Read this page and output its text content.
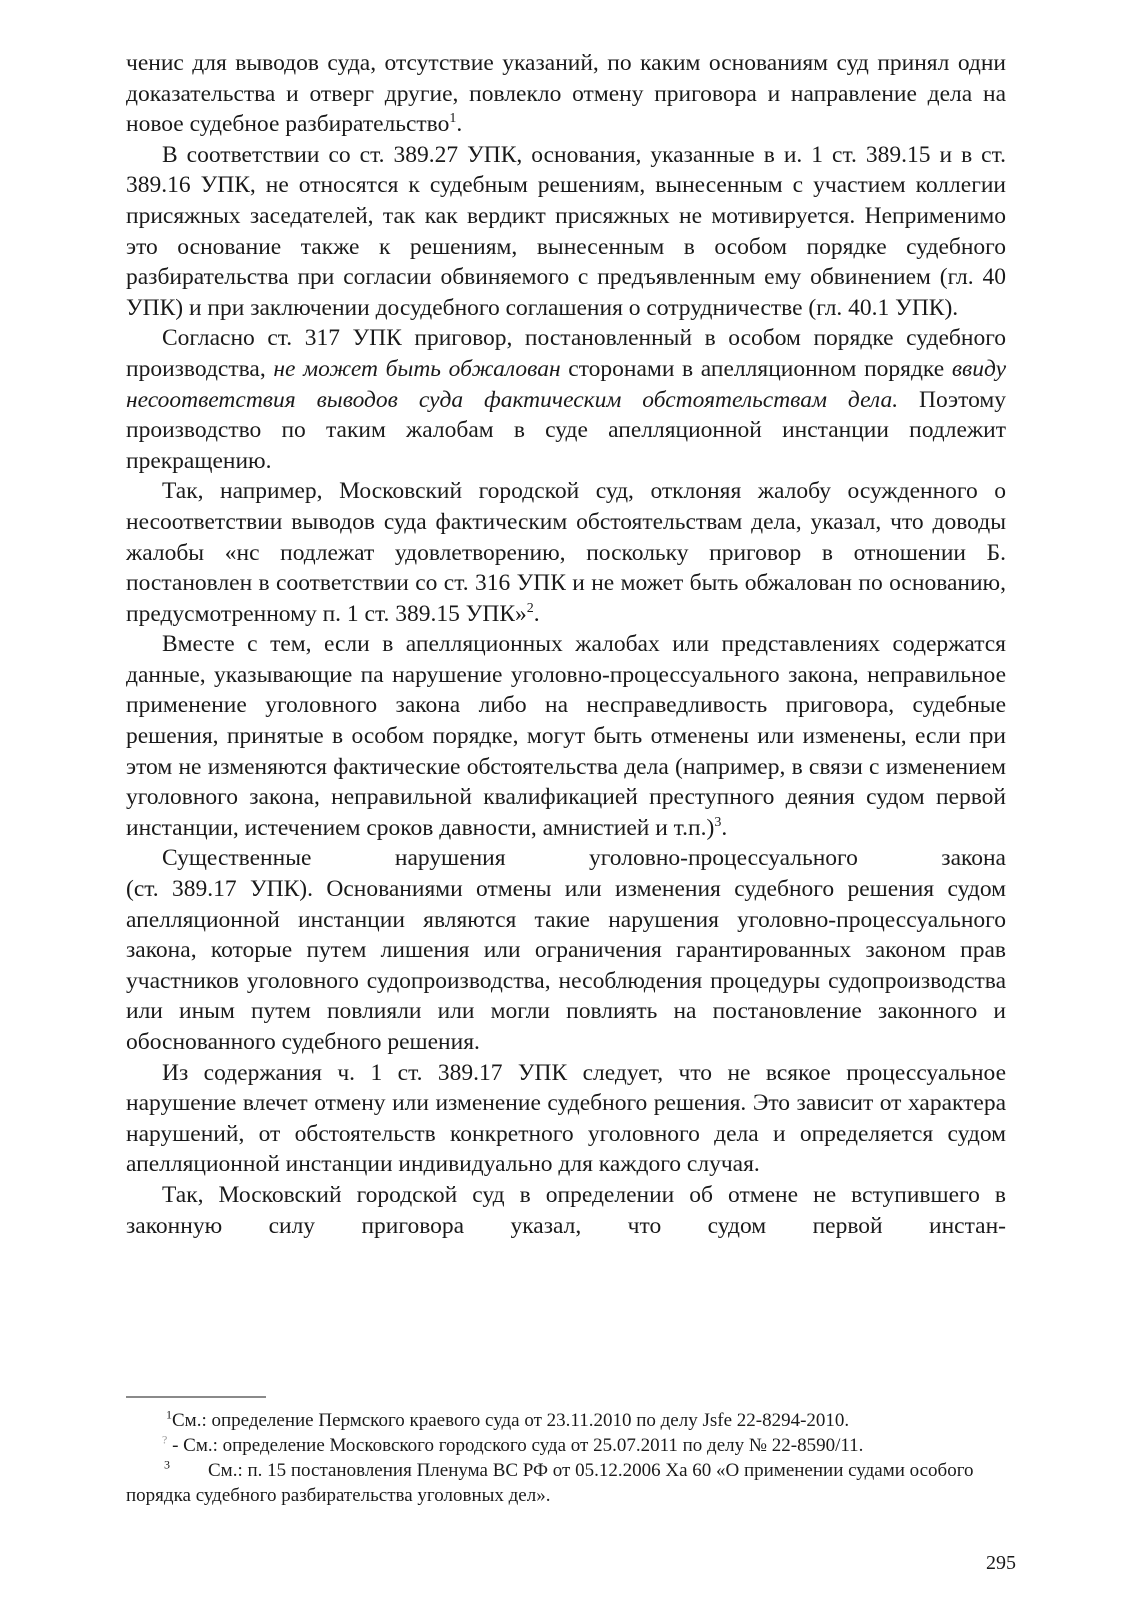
ченис для выводов суда, отсутствие указаний, по каким основаниям суд принял одни доказательства и отверг другие, повлекло отмену приговора и направление дела на новое судебное разбирательство$^1$.

В соответствии со ст. 389.27 УПК, основания, указанные в и. 1 ст. 389.15 и в ст. 389.16 УПК, не относятся к судебным решениям, вынесенным с участием коллегии присяжных заседателей, так как вердикт присяжных не мотивируется. Неприменимо это основание также к решениям, вынесенным в особом порядке судебного разбирательства при согласии обвиняемого с предъявленным ему обвинением (гл. 40 УПК) и при заключении досудебного соглашения о сотрудничестве (гл. 40.1 УПК).

Согласно ст. 317 УПК приговор, постановленный в особом порядке судебного производства, не может быть обжалован сторонами в апелляционном порядке ввиду несоответствия выводов суда фактическим обстоятельствам дела. Поэтому производство по таким жалобам в суде апелляционной инстанции подлежит прекращению.

Так, например, Московский городской суд, отклоняя жалобу осужденного о несоответствии выводов суда фактическим обстоятельствам дела, указал, что доводы жалобы «нс подлежат удовлетворению, поскольку приговор в отношении Б. постановлен в соответствии со ст. 316 УПК и не может быть обжалован по основанию, предусмотренному п. 1 ст. 389.15 УПК»$^2$.

Вместе с тем, если в апелляционных жалобах или представлениях содержатся данные, указывающие па нарушение уголовно-процессуального закона, неправильное применение уголовного закона либо на несправедливость приговора, судебные решения, принятые в особом порядке, могут быть отменены или изменены, если при этом не изменяются фактические обстоятельства дела (например, в связи с изменением уголовного закона, неправильной квалификацией преступного деяния судом первой инстанции, истечением сроков давности, амнистией и т.п.)$^3$.

Существенные нарушения уголовно-процессуального закона

(ст. 389.17 УПК). Основаниями отмены или изменения судебного решения судом апелляционной инстанции являются такие нарушения уголовно-процессуального закона, которые путем лишения или ограничения гарантированных законом прав участников уголовного судопроизводства, несоблюдения процедуры судопроизводства или иным путем повлияли или могли повлиять на постановление законного и обоснованного судебного решения.

Из содержания ч. 1 ст. 389.17 УПК следует, что не всякое процессуальное нарушение влечет отмену или изменение судебного решения. Это зависит от характера нарушений, от обстоятельств конкретного уголовного дела и определяется судом апелляционной инстанции индивидуально для каждого случая.

Так, Московский городской суд в определении об отмене не вступившего в законную силу приговора указал, что судом первой инстан-

$^1$См.: определение Пермского краевого суда от 23.11.2010 по делу Jsfe 22-8294-2010.

? - См.: определение Московского городского суда от 25.07.2011 по делу № 22-8590/11.

$^3$ См.: п. 15 постановления Пленума ВС РФ от 05.12.2006 Ха 60 «О применении судами особого порядка судебного разбирательства уголовных дел».

295
